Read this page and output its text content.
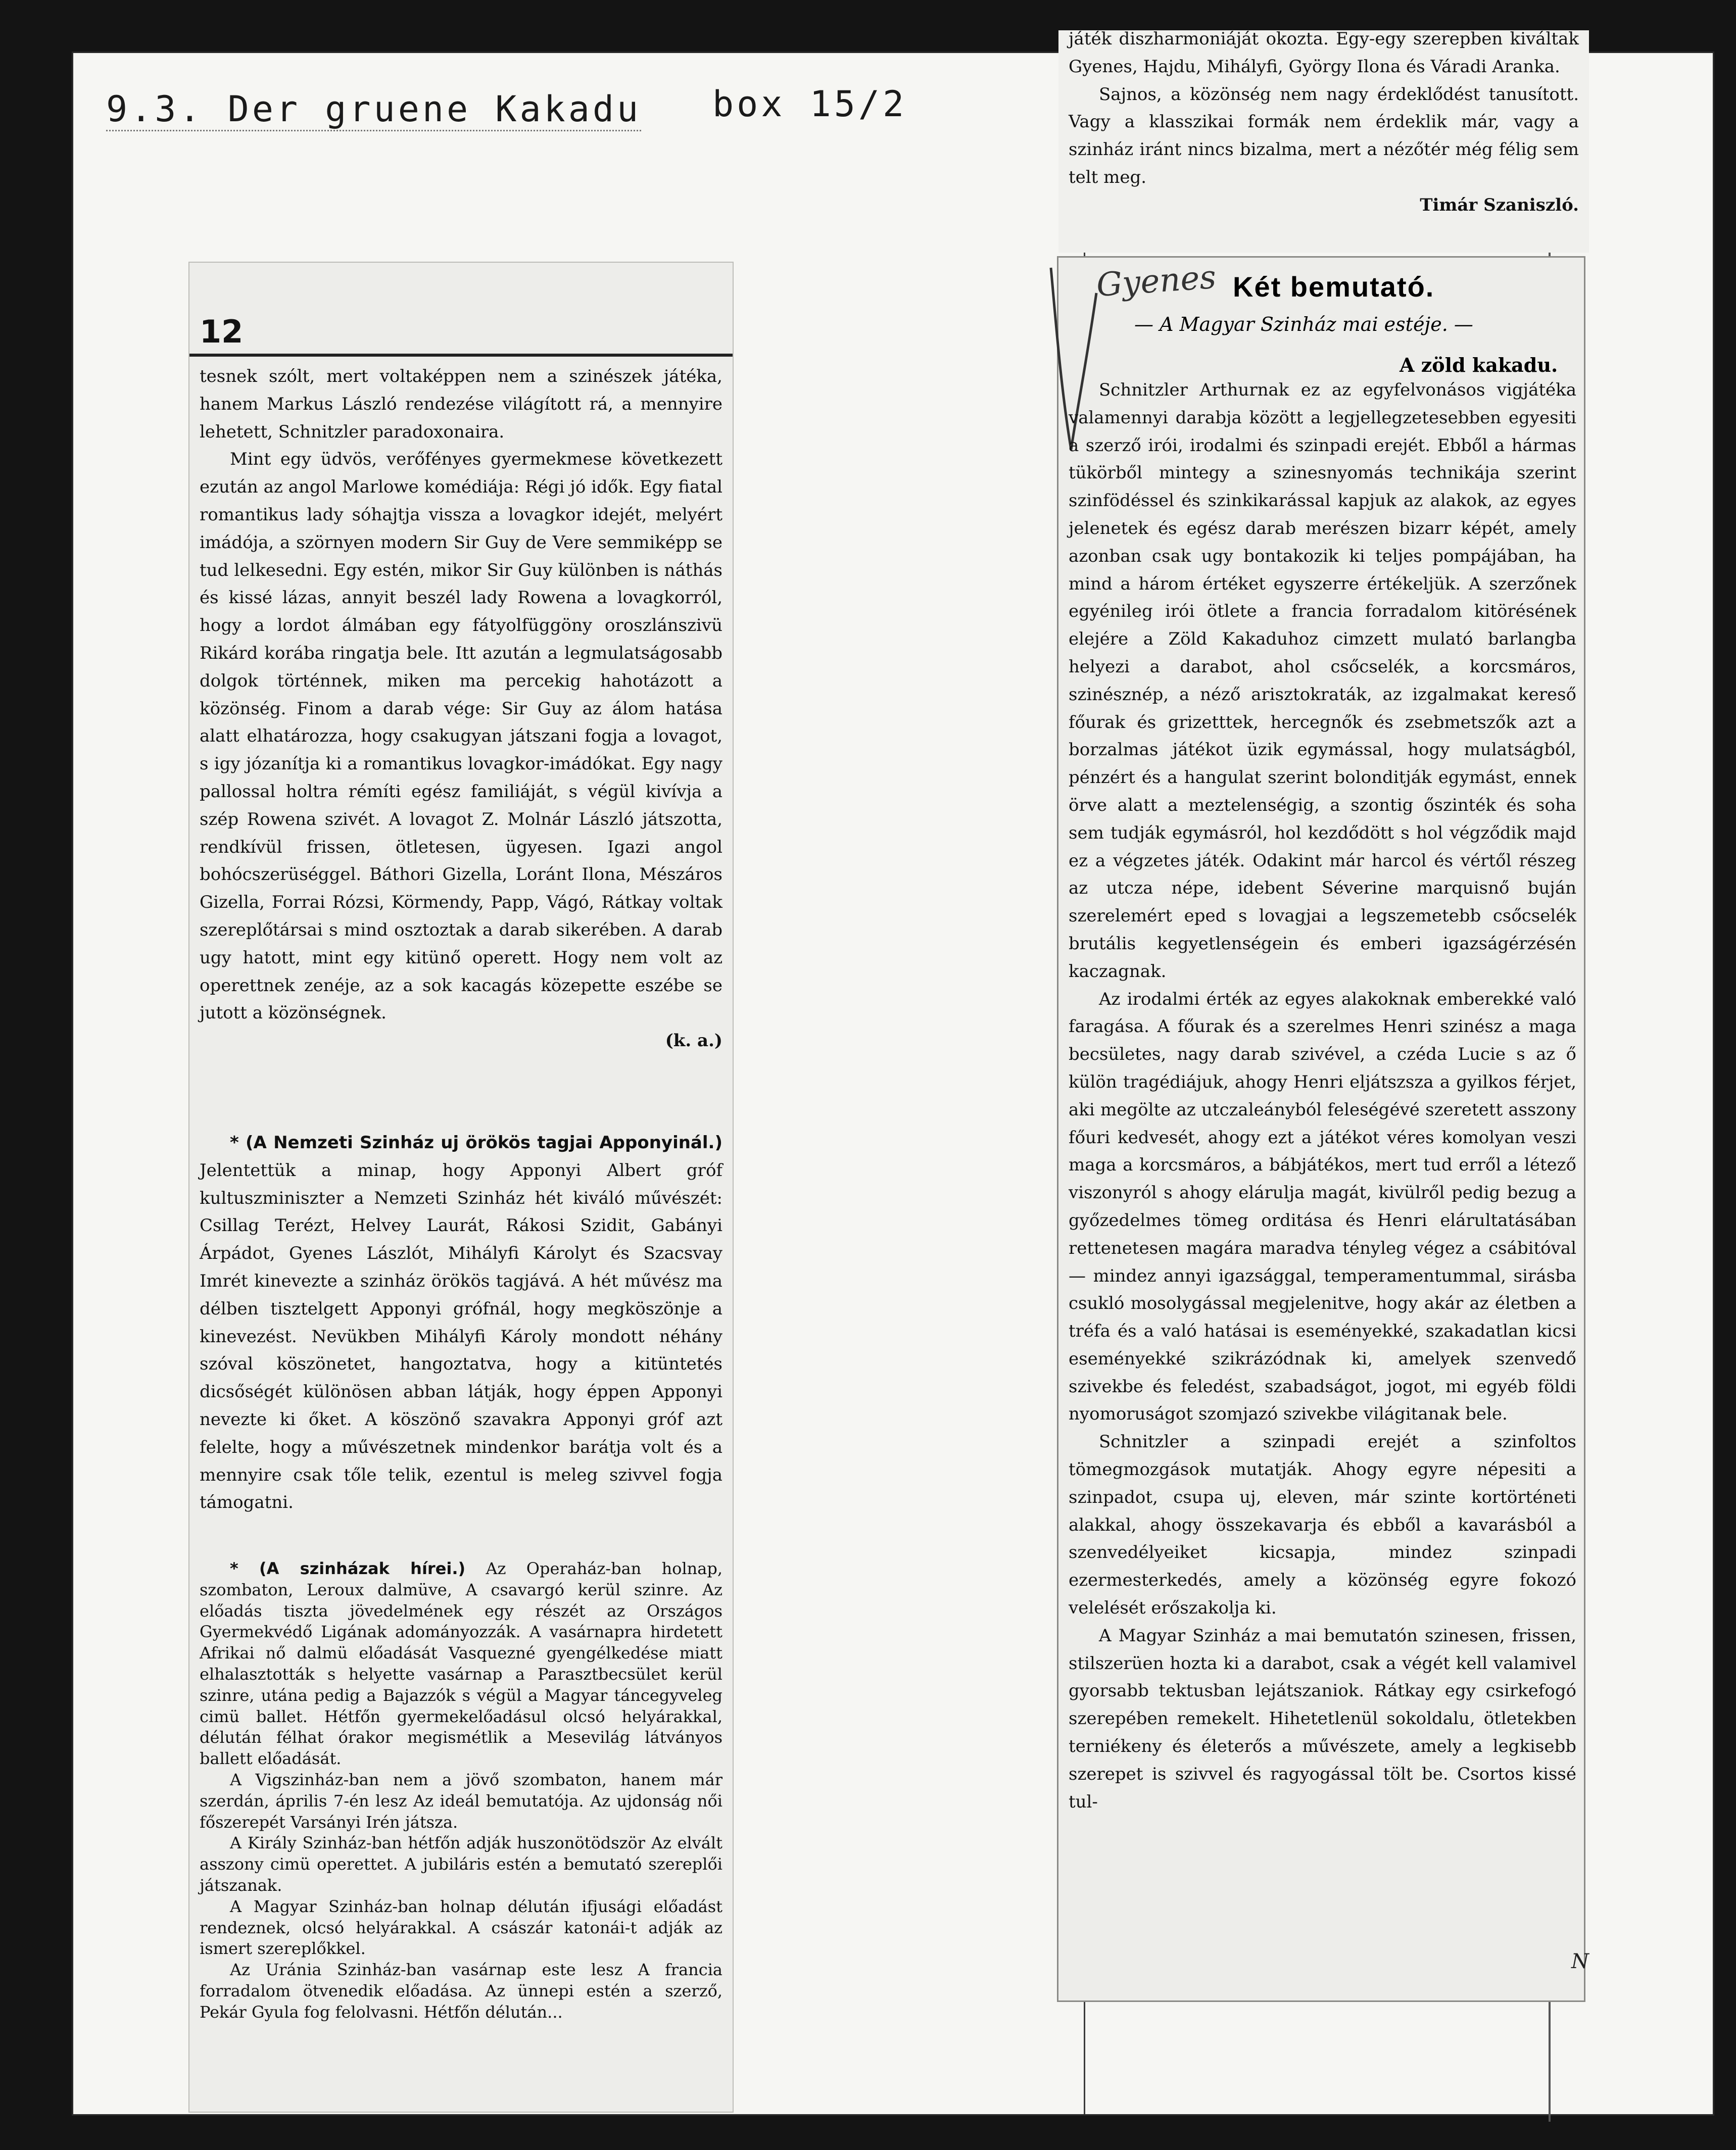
9.3. Der gruene Kakadu box 15/2
12

tesnek szólt, mert voltaképpen nem a szinészek játéka, hanem Markus László rendezése világított rá, a mennyire lehetett, Schnitzler paradoxonaira.

Mint egy üdvös, verőfényes gyermekmese következett ezután az angol Marlowe komédiája: Régi jó idők. Egy fiatal romantikus lady sóhajtja vissza a lovagkor idejét, melyért imádója, a szörnyen modern Sir Guy de Vere semmiképp se tud lelkesedni. Egy estén, mikor Sir Guy különben is náthás és kissé lázas, annyit beszél lady Rowena a lovagkorról, hogy a lordot álmában egy fátyolfüggöny oroszlánszivü Rikárd korába ringatja bele. Itt azután a legmulatságosabb dolgok történnek, miken ma percekig hahotázott a közönség. Finom a darab vége: Sir Guy az álom hatása alatt elhatározza, hogy csakugyan játszani fogja a lovagot, s igy józanítja ki a romantikus lovagkor-imádókat. Egy nagy pallossal holtra rémíti egész familiáját, s végül kivívja a szép Rowena szivét. A lovagot Z. Molnár László játszotta, rendkívül frissen, ötletesen, ügyesen. Igazi angol bohócszerüséggel. Báthori Gizella, Loránt Ilona, Mészáros Gizella, Forrai Rózsi, Körmendy, Papp, Vágó, Rátkay voltak szereplőtársai s mind osztoztak a darab sikerében. A darab ugy hatott, mint egy kitünő operett. Hogy nem volt az operettnek zenéje, az a sok kacagás közepette eszébe se jutott a közönségnek.

(k. a.)

* (A Nemzeti Szinház uj örökös tagjai Apponyinál.) Jelentettük a minap, hogy Apponyi Albert gróf kultuszminiszter a Nemzeti Szinház hét kiváló művészét: Csillag Terézt, Helvey Laurát, Rákosi Szidit, Gabányi Árpádot, Gyenes Lászlót, Mihályfi Károlyt és Szacsvay Imrét kinevezte a szinház örökös tagjává. A hét művész ma délben tisztelgett Apponyi grófnál, hogy megköszönje a kinevezést. Nevükben Mihályfi Károly mondott néhány szóval köszönetet, hangoztatva, hogy a kitüntetés dicsőségét különösen abban látják, hogy éppen Apponyi nevezte ki őket. A köszönő szavakra Apponyi gróf azt felelte, hogy a művészetnek mindenkor barátja volt és a mennyire csak tőle telik, ezentul is meleg szivvel fogja támogatni.

* (A szinházak hírei.) Az Operaház-ban holnap, szombaton, Leroux dalmüve, A csavargó kerül szinre. Az előadás tiszta jövedelmének egy részét az Országos Gyermekvédő Ligának adományozzák. A vasárnapra hirdetett Afrikai nő dalmü előadását Vasquezné gyengélkedése miatt elhalasztották s helyette vasárnap a Parasztbecsület kerül szinre, utána pedig a Bajazzók s végül a Magyar táncegyveleg cimü ballet. Hétfőn gyermekelőadásul olcsó helyárakkal, délután félhat órakor megismétlik a Mesevilág látványos ballett előadását.

A Vigszinház-ban nem a jövő szombaton, hanem már szerdán, április 7-én lesz Az ideál bemutatója. Az ujdonság női főszerepét Varsányi Irén játsza.

A Király Szinház-ban hétfőn adják huszonötödször Az elvált asszony cimü operettet. A jubiláris estén a bemutató szereplői játszanak.

A Magyar Szinház-ban holnap délután ifjusági előadást rendeznek, olcsó helyárakkal. A császár katonái-t adják az ismert szereplőkkel.

Az Uránia Szinház-ban vasárnap este lesz A francia forradalom ötvenedik előadása. Az ünnepi estén a szerző, Pekár Gyula fog felolvasni. Hétfőn délután...

játék diszharmoniáját okozta. Egy-egy szerepben kiváltak Gyenes, Hajdu, Mihályfi, György Ilona és Váradi Aranka.

Sajnos, a közönség nem nagy érdeklődést tanusított. Vagy a klasszikai formák nem érdeklik már, vagy a szinház iránt nincs bizalma, mert a nézőtér még félig sem telt meg.

Timár Szaniszló.
Gyenes Két bemutató.
— A Magyar Szinház mai estéje. —
A zöld kakadu.

Schnitzler Arthurnak ez az egyfelvonásos vigjátéka valamennyi darabja között a legjellegzetesebben egyesiti a szerző irói, irodalmi és szinpadi erejét. Ebből a hármas tükörből mintegy a szinesnyomás technikája szerint szinfödéssel és szinkikarással kapjuk az alakok, az egyes jelenetek és egész darab merészen bizarr képét, amely azonban csak ugy bontakozik ki teljes pompájában, ha mind a három értéket egyszerre értékeljük. A szerzőnek egyénileg irói ötlete a francia forradalom kitörésének elejére a Zöld Kakaduhoz cimzett mulató barlangba helyezi a darabot, ahol csőcselék, a korcsmáros, szinésznép, a néző arisztokraták, az izgalmakat kereső főurak és grizetttek, hercegnők és zsebmetszők azt a borzalmas játékot üzik egymással, hogy mulatságból, pénzért és a hangulat szerint bolonditják egymást, ennek örve alatt a meztelenségig, a szontig őszinték és soha sem tudják egymásról, hol kezdődött s hol végződik majd ez a végzetes játék. Odakint már harcol és vértől részeg az utcza népe, idebent Séverine marquisnő buján szerelemért eped s lovagjai a legszemetebb csőcselék brutális kegyetlenségein és emberi igazságérzésén kaczagnak.

Az irodalmi érték az egyes alakoknak emberekké való faragása. A főurak és a szerelmes Henri szinész a maga becsületes, nagy darab szivével, a czéda Lucie s az ő külön tragédiájuk, ahogy Henri eljátszsza a gyilkos férjet, aki megölte az utczaleányból feleségévé szeretett asszony főuri kedvesét, ahogy ezt a játékot véres komolyan veszi maga a korcsmáros, a bábjátékos, mert tud erről a létező viszonyról s ahogy elárulja magát, kivülről pedig bezug a győzedelmes tömeg orditása és Henri elárultatásában rettenetesen magára maradva tényleg végez a csábitóval — mindez annyi igazsággal, temperamentummal, sirásba csukló mosolygással megjelenitve, hogy akár az életben a tréfa és a való hatásai is eseményekké, szakadatlan kicsi eseményekké szikrázódnak ki, amelyek szenvedő szivekbe és feledést, szabadságot, jogot, mi egyéb földi nyomoruságot szomjazó szivekbe világitanak bele.

Schnitzler a szinpadi erejét a szinfoltos tömegmozgások mutatják. Ahogy egyre népesiti a szinpadot, csupa uj, eleven, már szinte kortörténeti alakkal, ahogy összekavarja és ebből a kavarásból a szenvedélyeiket kicsapja, mindez szinpadi ezermesterkedés, amely a közönség egyre fokozó velelését erőszakolja ki.

A Magyar Szinház a mai bemutatón szinesen, frissen, stilszerüen hozta ki a darabot, csak a végét kell valamivel gyorsabb tektusban lejátszaniok. Rátkay egy csirkefogó szerepében remekelt. Hihetetlenül sokoldalu, ötletekben terniékeny és életerős a művészete, amely a legkisebb szerepet is szivvel és ragyogással tölt be. Csortos kissé tul-

N
